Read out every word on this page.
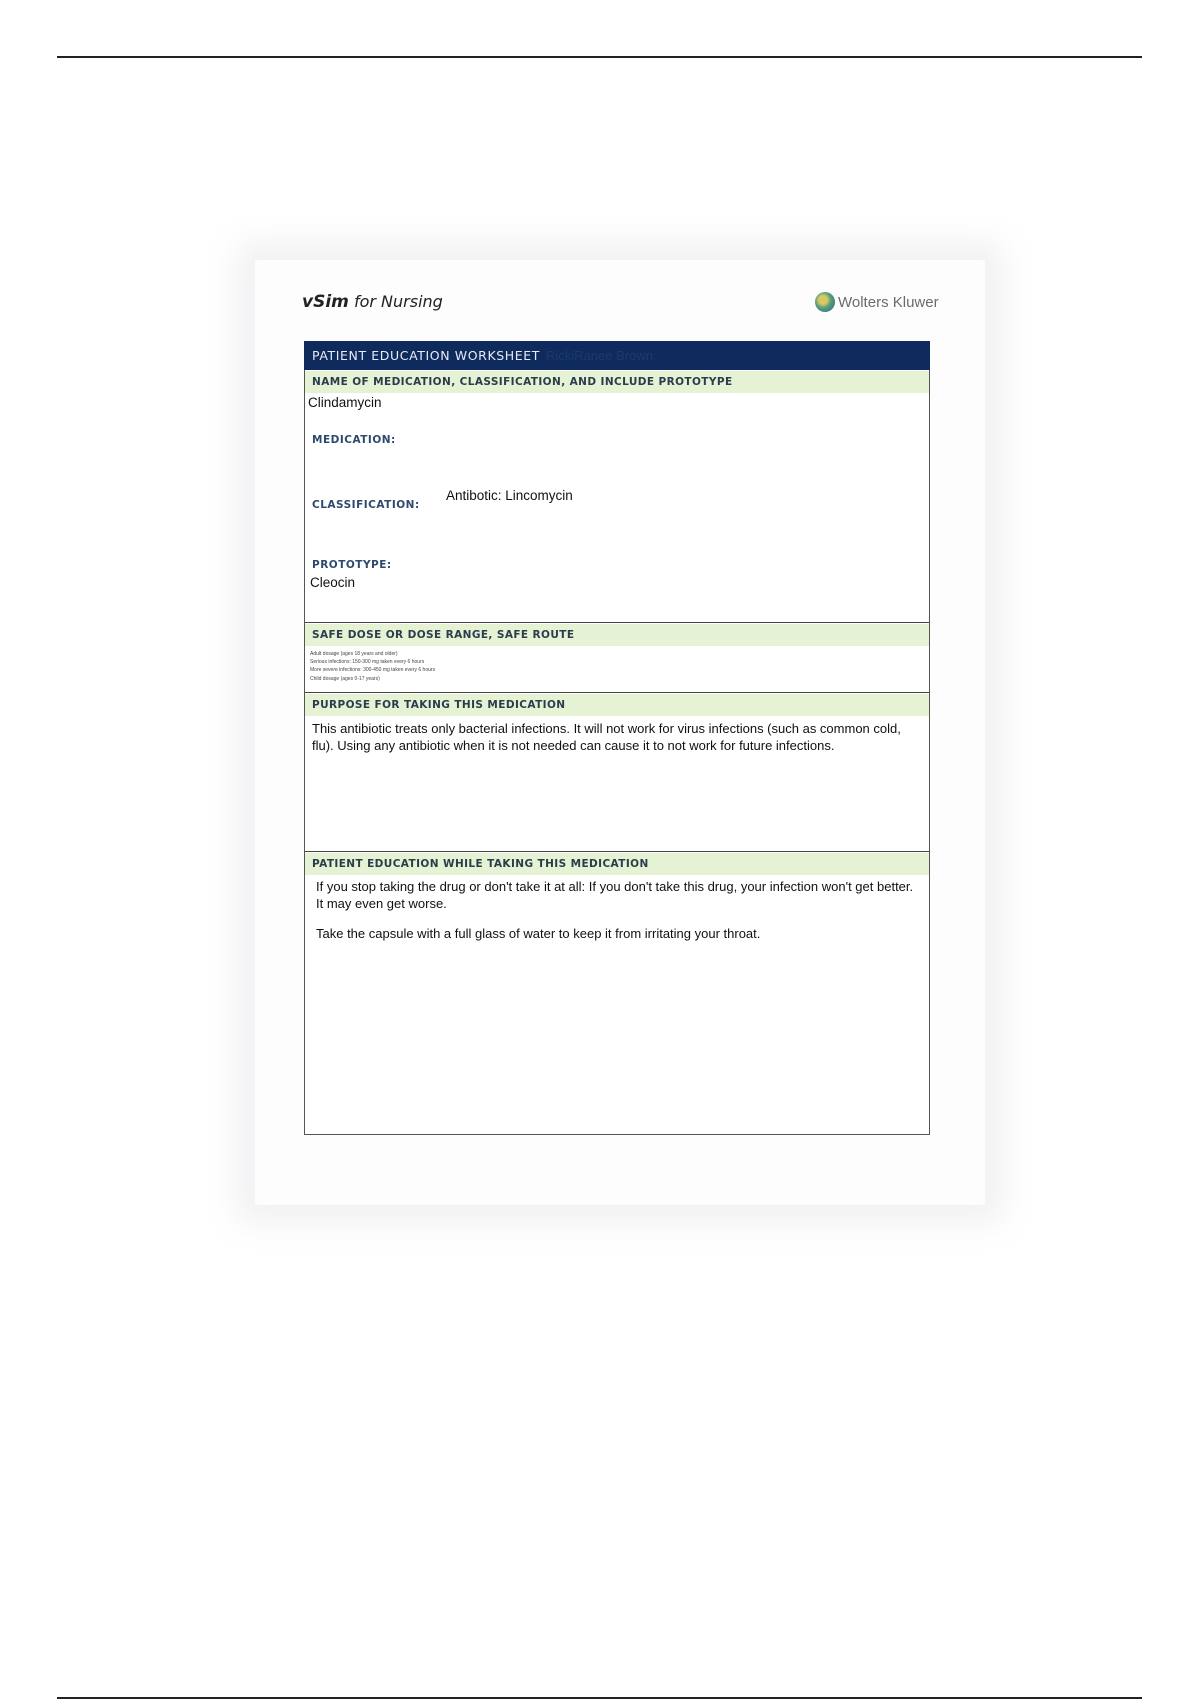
vSim for Nursing	Wolters Kluwer
PATIENT EDUCATION WORKSHEET RickiRanee Brown
NAME OF MEDICATION, CLASSIFICATION, AND INCLUDE PROTOTYPE
Clindamycin
MEDICATION:
CLASSIFICATION:
Antibotic: Lincomycin
PROTOTYPE:
Cleocin
SAFE DOSE OR DOSE RANGE, SAFE ROUTE
Adult dosage (ages 18 years and older)
Serious infections: 150-300 mg taken every 6 hours
More severe infections: 300-450 mg taken every 6 hours
Child dosage (ages 0-17 years)
PURPOSE FOR TAKING THIS MEDICATION
This antibiotic treats only bacterial infections. It will not work for virus infections (such as common cold, flu). Using any antibiotic when it is not needed can cause it to not work for future infections.
PATIENT EDUCATION WHILE TAKING THIS MEDICATION
If you stop taking the drug or don't take it at all: If you don't take this drug, your infection won't get better. It may even get worse.
Take the capsule with a full glass of water to keep it from irritating your throat.
